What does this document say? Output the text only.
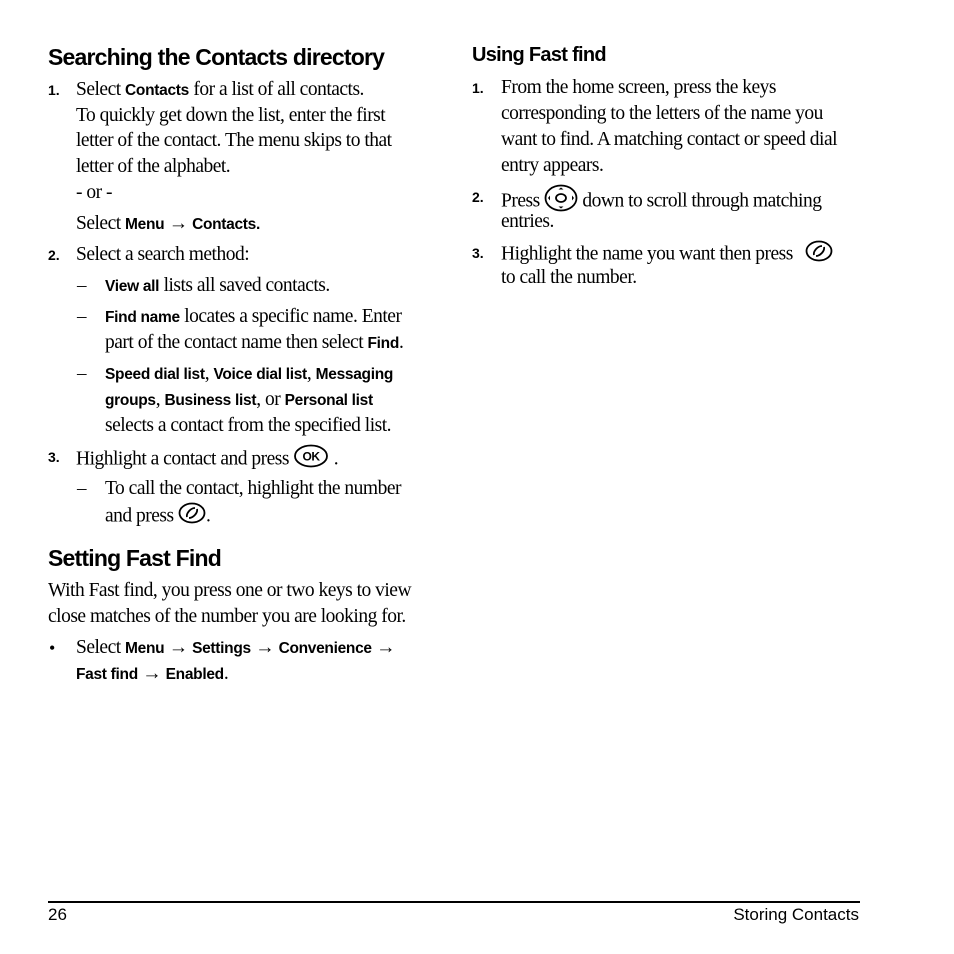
Searching the Contacts directory
1. Select Contacts for a list of all contacts.
To quickly get down the list, enter the first
letter of the contact. The menu skips to that
letter of the alphabet.
- or -
Select Menu → Contacts.
2. Select a search method:
– View all lists all saved contacts.
– Find name locates a specific name. Enter
part of the contact name then select Find.
– Speed dial list, Voice dial list, Messaging
groups, Business list, or Personal list
selects a contact from the specified list.
3. Highlight a contact and press OK .
– To call the contact, highlight the number
and press .
Setting Fast Find
With Fast find, you press one or two keys to view
close matches of the number you are looking for.
• Select Menu → Settings → Convenience →
Fast find → Enabled.
Using Fast find
1. From the home screen, press the keys
corresponding to the letters of the name you
want to find. A matching contact or speed dial
entry appears.
2. Press  down to scroll through matching
entries.
3. Highlight the name you want then press
to call the number.
26	Storing Contacts
